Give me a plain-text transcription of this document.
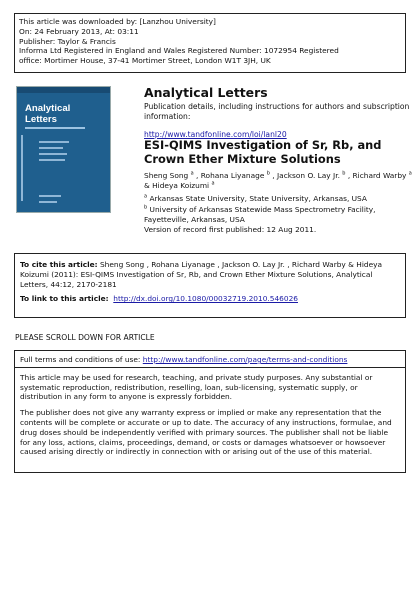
This article was downloaded by: [Lanzhou University]
On: 24 February 2013, At: 03:11
Publisher: Taylor & Francis
Informa Ltd Registered in England and Wales Registered Number: 1072954 Registered
office: Mortimer House, 37-41 Mortimer Street, London W1T 3JH, UK
Analytical
Letters
Analytical Letters
Publication details, including instructions for authors and subscription information:
http://www.tandfonline.com/loi/lanl20
ESI-QIMS Investigation of Sr, Rb, and Crown Ether Mixture Solutions
Sheng Song $^a$ , Rohana Liyanage $^b$ , Jackson O. Lay Jr. $^b$ , Richard Warby $^a$ & Hideya Koizumi $^a$
$^a$ Arkansas State University, State University, Arkansas, USA
$^b$ University of Arkansas Statewide Mass Spectrometry Facility, Fayetteville, Arkansas, USA
Version of record first published: 12 Aug 2011.
To cite this article: Sheng Song , Rohana Liyanage , Jackson O. Lay Jr. , Richard Warby & Hideya Koizumi (2011): ESI-QIMS Investigation of Sr, Rb, and Crown Ether Mixture Solutions, Analytical Letters, 44:12, 2170-2181
To link to this article: http://dx.doi.org/10.1080/00032719.2010.546026
PLEASE SCROLL DOWN FOR ARTICLE
Full terms and conditions of use: http://www.tandfonline.com/page/terms-and-conditions

This article may be used for research, teaching, and private study purposes. Any substantial or systematic reproduction, redistribution, reselling, loan, sub-licensing, systematic supply, or distribution in any form to anyone is expressly forbidden.

The publisher does not give any warranty express or implied or make any representation that the contents will be complete or accurate or up to date. The accuracy of any instructions, formulae, and drug doses should be independently verified with primary sources. The publisher shall not be liable for any loss, actions, claims, proceedings, demand, or costs or damages whatsoever or howsoever caused arising directly or indirectly in connection with or arising out of the use of this material.
